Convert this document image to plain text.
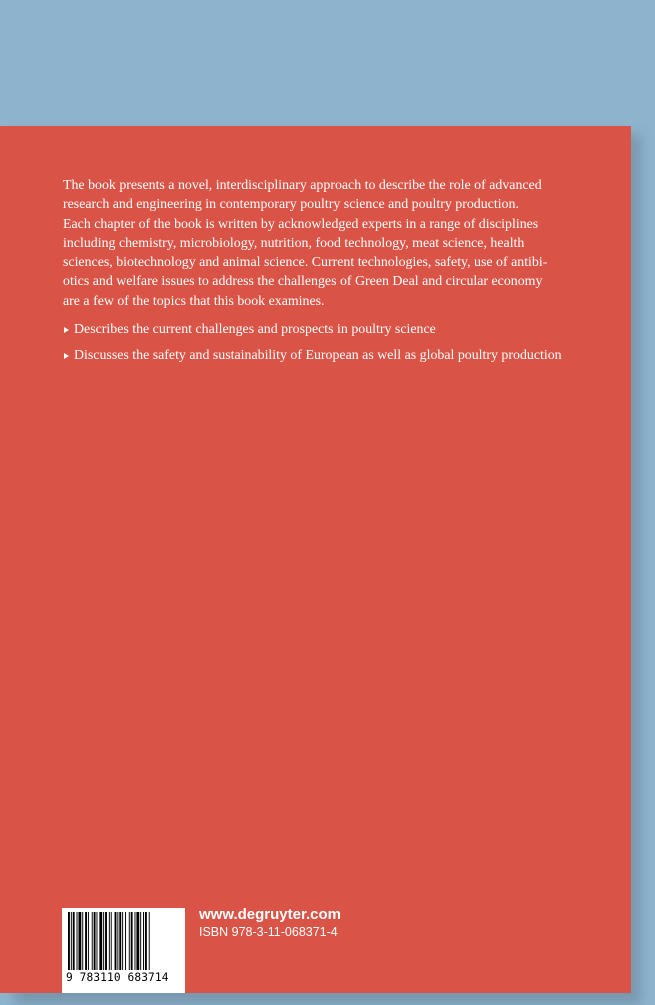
The book presents a novel, interdisciplinary approach to describe the role of advanced
research and engineering in contemporary poultry science and poultry production.
Each chapter of the book is written by acknowledged experts in a range of disciplines
including chemistry, microbiology, nutrition, food technology, meat science, health
sciences, biotechnology and animal science. Current technologies, safety, use of antibi-
otics and welfare issues to address the challenges of Green Deal and circular economy
are a few of the topics that this book examines.

Describes the current challenges and prospects in poultry science
Discusses the safety and sustainability of European as well as global poultry production
9 783110 683714
www.degruyter.com
ISBN 978-3-11-068371-4
